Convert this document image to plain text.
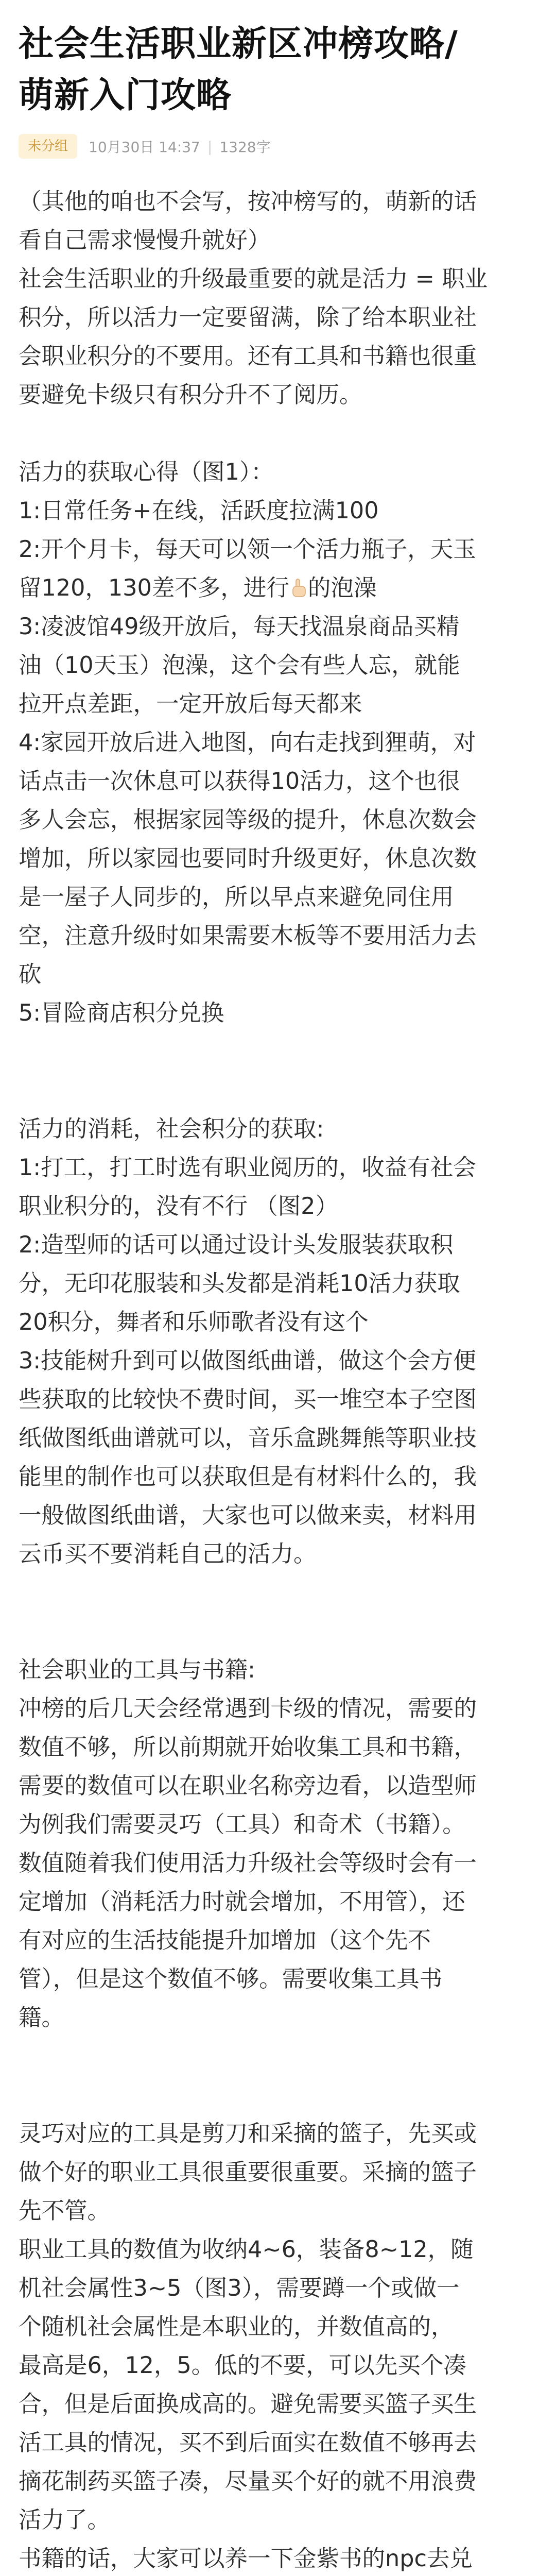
社会生活职业新区冲榜攻略/
萌新入门攻略
未分组	10月30日 14:37 | 1328字
（其他的咱也不会写，按冲榜写的，萌新的话
看自己需求慢慢升就好）
社会生活职业的升级最重要的就是活力 = 职业
积分，所以活力一定要留满，除了给本职业社
会职业积分的不要用。还有工具和书籍也很重
要避免卡级只有积分升不了阅历。
活力的获取心得（图1）：
1:日常任务+在线，活跃度拉满100
2:开个月卡，每天可以领一个活力瓶子，天玉
留120，130差不多，进行 的泡澡
3:凌波馆49级开放后，每天找温泉商品买精
油（10天玉）泡澡，这个会有些人忘，就能
拉开点差距，一定开放后每天都来
4:家园开放后进入地图，向右走找到狸萌，对
话点击一次休息可以获得10活力，这个也很
多人会忘，根据家园等级的提升，休息次数会
增加，所以家园也要同时升级更好，休息次数
是一屋子人同步的，所以早点来避免同住用
空，注意升级时如果需要木板等不要用活力去
砍
5:冒险商店积分兑换
活力的消耗，社会积分的获取:
1:打工，打工时选有职业阅历的，收益有社会
职业积分的，没有不行 （图2）
2:造型师的话可以通过设计头发服装获取积
分，无印花服装和头发都是消耗10活力获取
20积分，舞者和乐师歌者没有这个
3:技能树升到可以做图纸曲谱，做这个会方便
些获取的比较快不费时间，买一堆空本子空图
纸做图纸曲谱就可以，音乐盒跳舞熊等职业技
能里的制作也可以获取但是有材料什么的，我
一般做图纸曲谱，大家也可以做来卖，材料用
云币买不要消耗自己的活力。
社会职业的工具与书籍:
冲榜的后几天会经常遇到卡级的情况，需要的
数值不够，所以前期就开始收集工具和书籍，
需要的数值可以在职业名称旁边看，以造型师
为例我们需要灵巧（工具）和奇术（书籍）。
数值随着我们使用活力升级社会等级时会有一
定增加（消耗活力时就会增加，不用管），还
有对应的生活技能提升加增加（这个先不
管），但是这个数值不够。需要收集工具书
籍。
灵巧对应的工具是剪刀和采摘的篮子，先买或
做个好的职业工具很重要很重要。采摘的篮子
先不管。
职业工具的数值为收纳4~6，装备8~12，随
机社会属性3~5（图3），需要蹲一个或做一
个随机社会属性是本职业的，并数值高的，
最高是6，12，5。低的不要，可以先买个凑
合，但是后面换成高的。避免需要买篮子买生
活工具的情况，买不到后面实在数值不够再去
摘花制药买篮子凑，尽量买个好的就不用浪费
活力了。
书籍的话，大家可以养一下金紫书的npc去兑
